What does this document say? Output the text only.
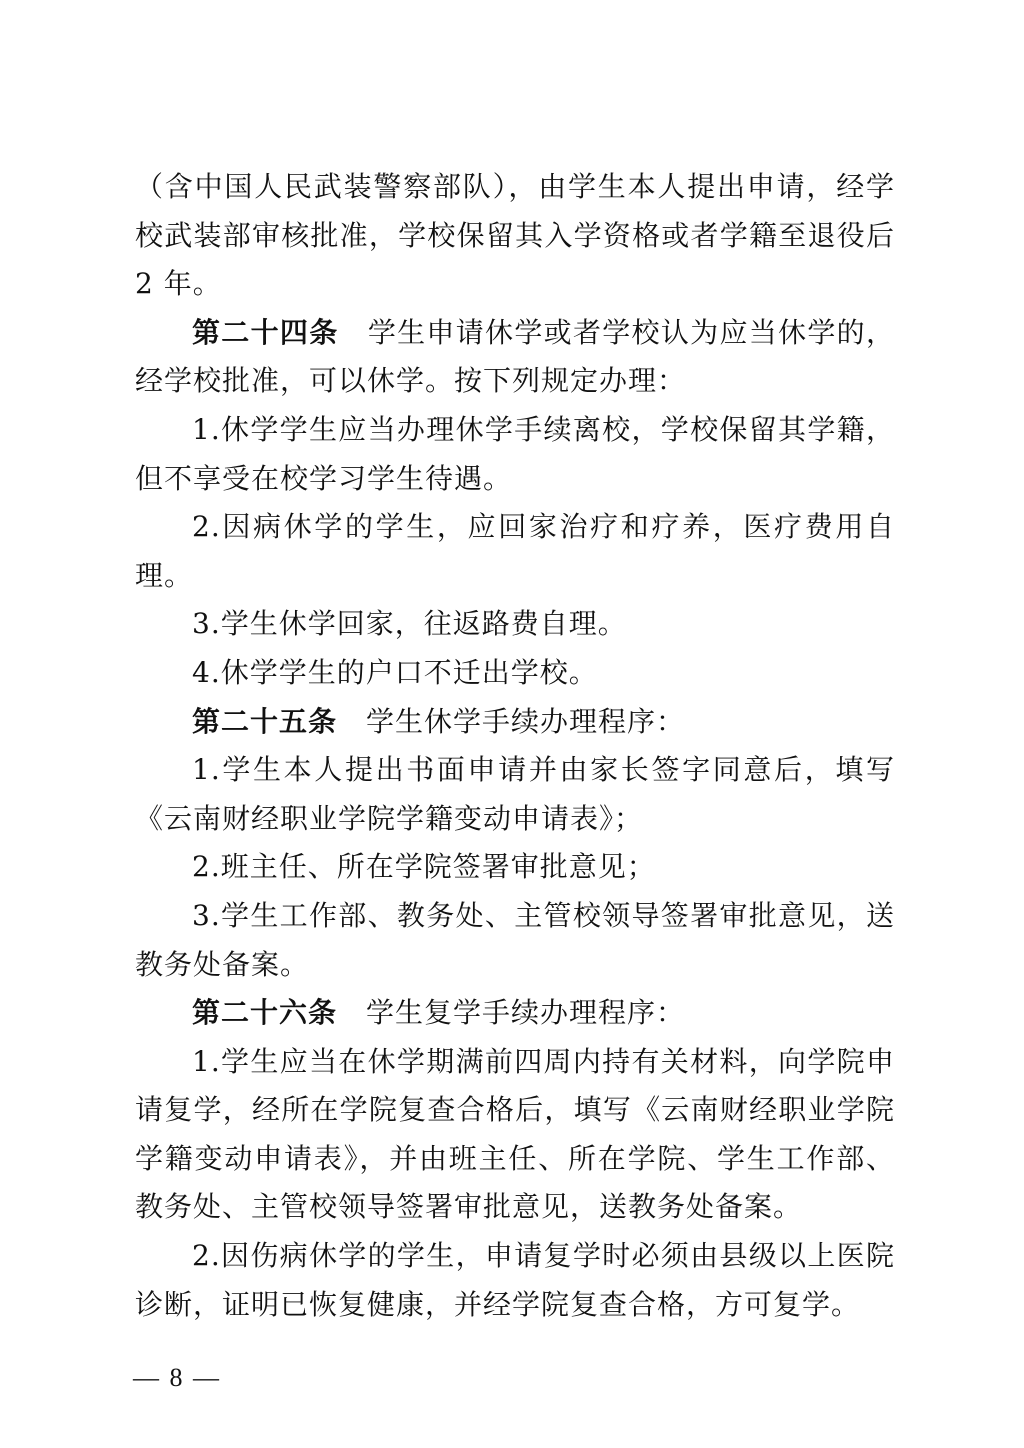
（含中国人民武装警察部队），由学生本人提出申请，经学校武装部审核批准，学校保留其入学资格或者学籍至退役后 2 年。

第二十四条　学生申请休学或者学校认为应当休学的，经学校批准，可以休学。按下列规定办理：

1.休学学生应当办理休学手续离校，学校保留其学籍，但不享受在校学习学生待遇。

2.因病休学的学生，应回家治疗和疗养，医疗费用自理。

3.学生休学回家，往返路费自理。

4.休学学生的户口不迁出学校。

第二十五条　学生休学手续办理程序：

1.学生本人提出书面申请并由家长签字同意后，填写《云南财经职业学院学籍变动申请表》；

2.班主任、所在学院签署审批意见；

3.学生工作部、教务处、主管校领导签署审批意见，送教务处备案。

第二十六条　学生复学手续办理程序：

1.学生应当在休学期满前四周内持有关材料，向学院申请复学，经所在学院复查合格后，填写《云南财经职业学院学籍变动申请表》，并由班主任、所在学院、学生工作部、教务处、主管校领导签署审批意见，送教务处备案。

2.因伤病休学的学生，申请复学时必须由县级以上医院诊断，证明已恢复健康，并经学院复查合格，方可复学。

— 8 —
